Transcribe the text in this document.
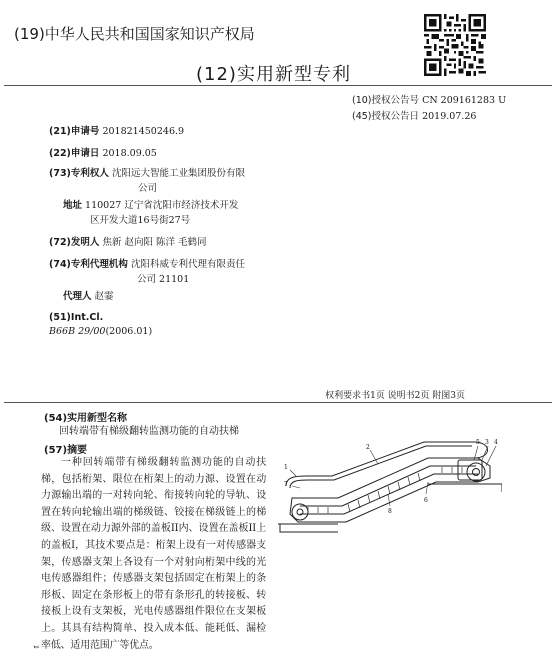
(19)中华人民共和国国家知识产权局
(12)实用新型专利
(10)授权公告号 CN 209161283 U
(45)授权公告日 2019.07.26
(21)申请号 201821450246.9
(22)申请日 2018.09.05
(73)专利权人 沈阳远大智能工业集团股份有限
公司
地址 110027 辽宁省沈阳市经济技术开发
区开发大道16号街27号
(72)发明人 焦新 赵向阳 陈洋 毛鹤同
(74)专利代理机构 沈阳科威专利代理有限责任
公司 21101
代理人 赵霎
(51)Int.Cl.
B66B 29/00(2006.01)
权利要求书1页 说明书2页 附图3页
(54)实用新型名称
回转端带有梯级翻转监测功能的自动扶梯
(57)摘要
一种回转端带有梯级翻转监测功能的自动扶梯，包括桁架、限位在桁架上的动力源、设置在动力源输出端的一对转向轮、衔接转向轮的导轨、设置在转向轮输出端的梯级链、铰接在梯级链上的梯级、设置在动力源外部的盖板II内、设置在盖板II上的盖板I，其技术要点是：桁架上设有一对传感器支架，传感器支架上各设有一个对射向桁架中线的光电传感器组件；传感器支架包括固定在桁架上的条形板、固定在条形板上的带有条形孔的转接板、转接板上设有支架板，光电传感器组件限位在支架板上。其具有结构简单、投入成本低、能耗低、漏检率低、适用范围广等优点。
1
7
2
6
8
5 3 4
ᄃ
